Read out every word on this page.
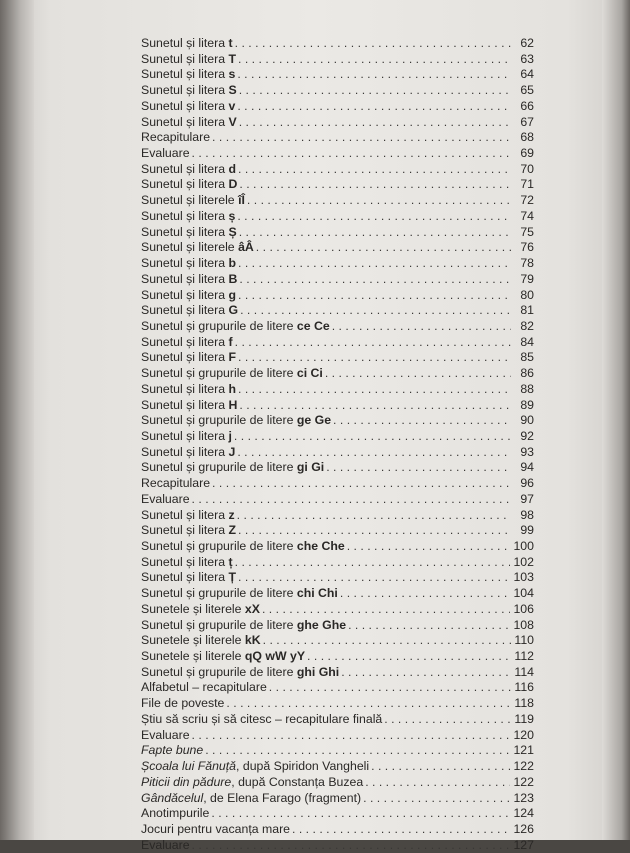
Sunetul și litera t . . .	62
Sunetul și litera T . . .	63
Sunetul și litera s . . .	64
Sunetul și litera S . . .	65
Sunetul și litera v . . .	66
Sunetul și litera V . . .	67
Recapitulare . . .	68
Evaluare . . .	69
Sunetul și litera d . . .	70
Sunetul și litera D . . .	71
Sunetul și literele îÎ . . .	72
Sunetul și litera ș . . .	74
Sunetul și litera Ș . . .	75
Sunetul și literele âÂ . . .	76
Sunetul și litera b . . .	78
Sunetul și litera B . . .	79
Sunetul și litera g . . .	80
Sunetul și litera G . . .	81
Sunetul și grupurile de litere ce Ce . . .	82
Sunetul și litera f . . .	84
Sunetul și litera F . . .	85
Sunetul și grupurile de litere ci Ci . . .	86
Sunetul și litera h . . .	88
Sunetul și litera H . . .	89
Sunetul și grupurile de litere ge Ge . . .	90
Sunetul și litera j . . .	92
Sunetul și litera J . . .	93
Sunetul și grupurile de litere gi Gi . . .	94
Recapitulare . . .	96
Evaluare . . .	97
Sunetul și litera z . . .	98
Sunetul și litera Z . . .	99
Sunetul și grupurile de litere che Che . . .	100
Sunetul și litera ț . . .	102
Sunetul și litera Ț . . .	103
Sunetul și grupurile de litere chi Chi . . .	104
Sunetele și literele xX . . .	106
Sunetul și grupurile de litere ghe Ghe . . .	108
Sunetele și literele kK . . .	110
Sunetele și literele qQ wW yY . . .	112
Sunetul și grupurile de litere ghi Ghi . . .	114
Alfabetul – recapitulare . . .	116
File de poveste . . .	118
Știu să scriu și să citesc – recapitulare finală . . .	119
Evaluare . . .	120
Fapte bune . . .	121
Școala lui Fănuță, după Spiridon Vangheli . . .	122
Piticii din pădure, după Constanța Buzea . . .	122
Gândăcelul, de Elena Farago (fragment) . . .	123
Anotimpurile . . .	124
Jocuri pentru vacanța mare . . .	126
Evaluare . . .	127
